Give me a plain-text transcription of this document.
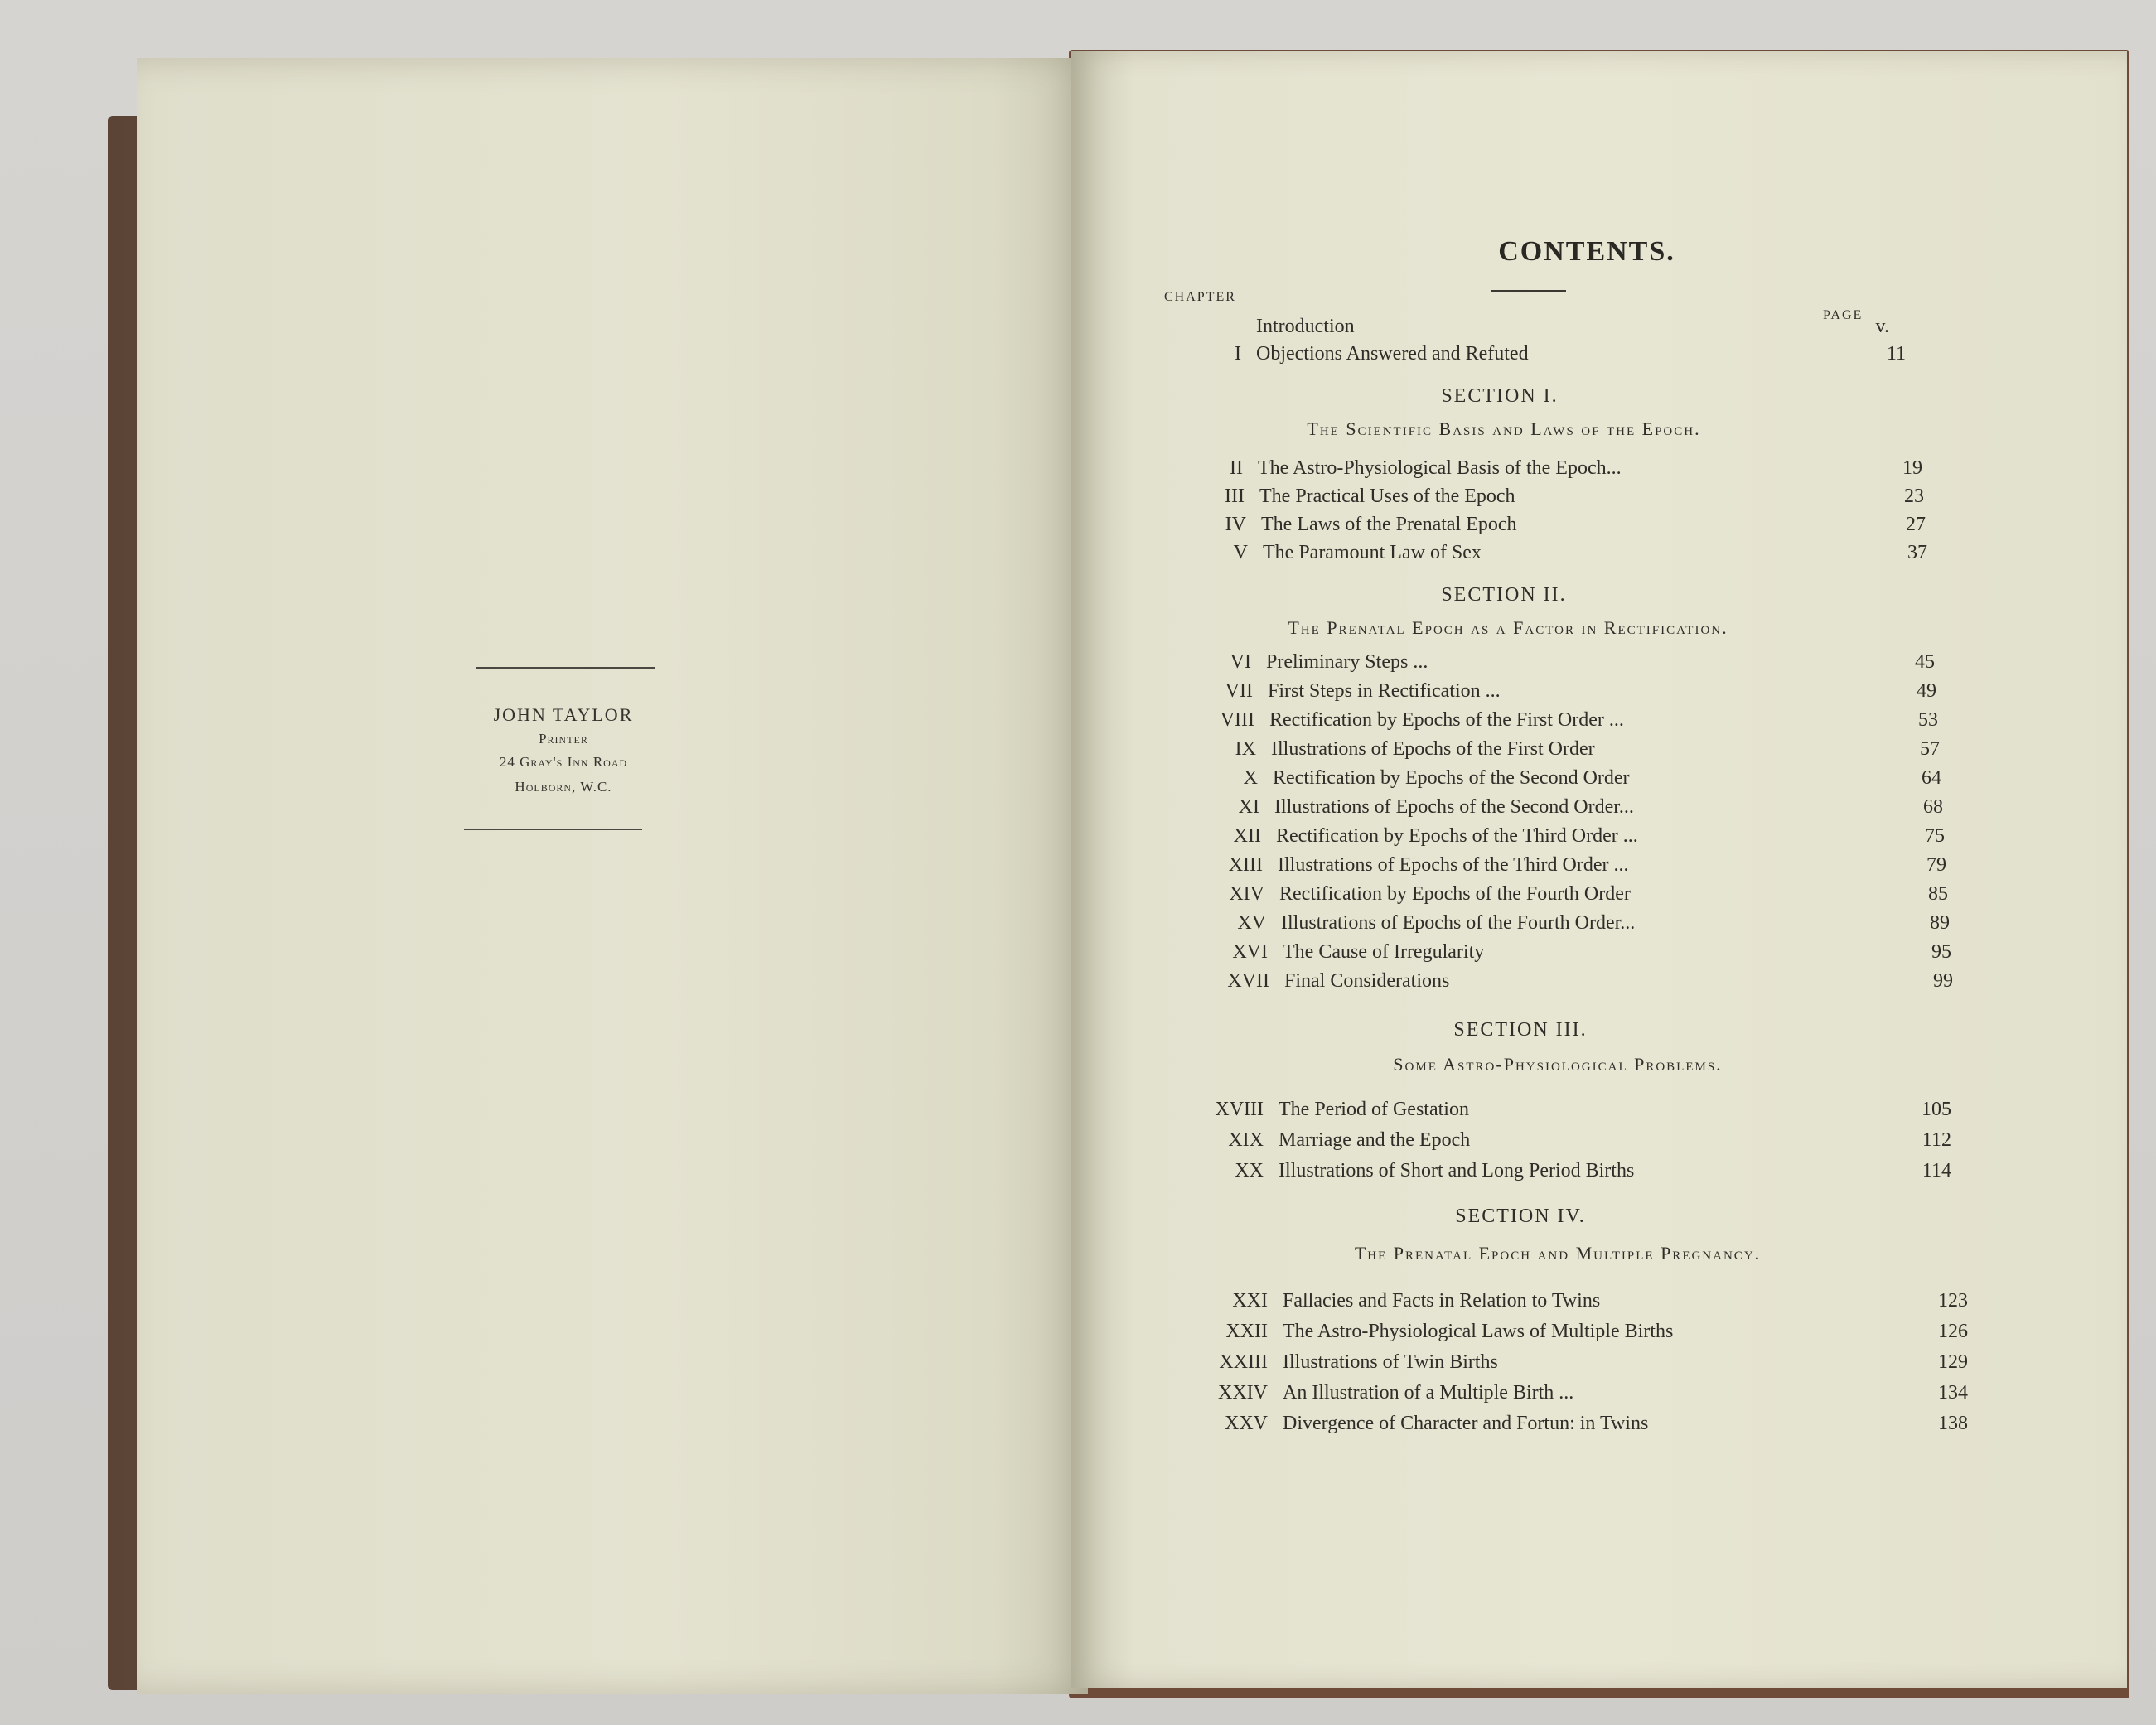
JOHN TAYLOR
Printer
24 Gray's Inn Road
Holborn, W.C.
CONTENTS.
CHAPTER
PAGE
Introduction	v.
I Objections Answered and Refuted	11
SECTION I.
The Scientific Basis and Laws of the Epoch.
II The Astro-Physiological Basis of the Epoch...	19
III The Practical Uses of the Epoch	23
IV The Laws of the Prenatal Epoch	27
V The Paramount Law of Sex	37
SECTION II.
The Prenatal Epoch as a Factor in Rectification.
VI Preliminary Steps ...	45
VII First Steps in Rectification ...	49
VIII Rectification by Epochs of the First Order ...	53
IX Illustrations of Epochs of the First Order	57
X Rectification by Epochs of the Second Order	64
XI Illustrations of Epochs of the Second Order...	68
XII Rectification by Epochs of the Third Order ...	75
XIII Illustrations of Epochs of the Third Order ...	79
XIV Rectification by Epochs of the Fourth Order	85
XV Illustrations of Epochs of the Fourth Order...	89
XVI The Cause of Irregularity	95
XVII Final Considerations	99
SECTION III.
Some Astro-Physiological Problems.
XVIII The Period of Gestation	105
XIX Marriage and the Epoch	112
XX Illustrations of Short and Long Period Births	114
SECTION IV.
The Prenatal Epoch and Multiple Pregnancy.
XXI Fallacies and Facts in Relation to Twins	123
XXII The Astro-Physiological Laws of Multiple Births	126
XXIII Illustrations of Twin Births	129
XXIV An Illustration of a Multiple Birth ...	134
XXV Divergence of Character and Fortun: in Twins	138
